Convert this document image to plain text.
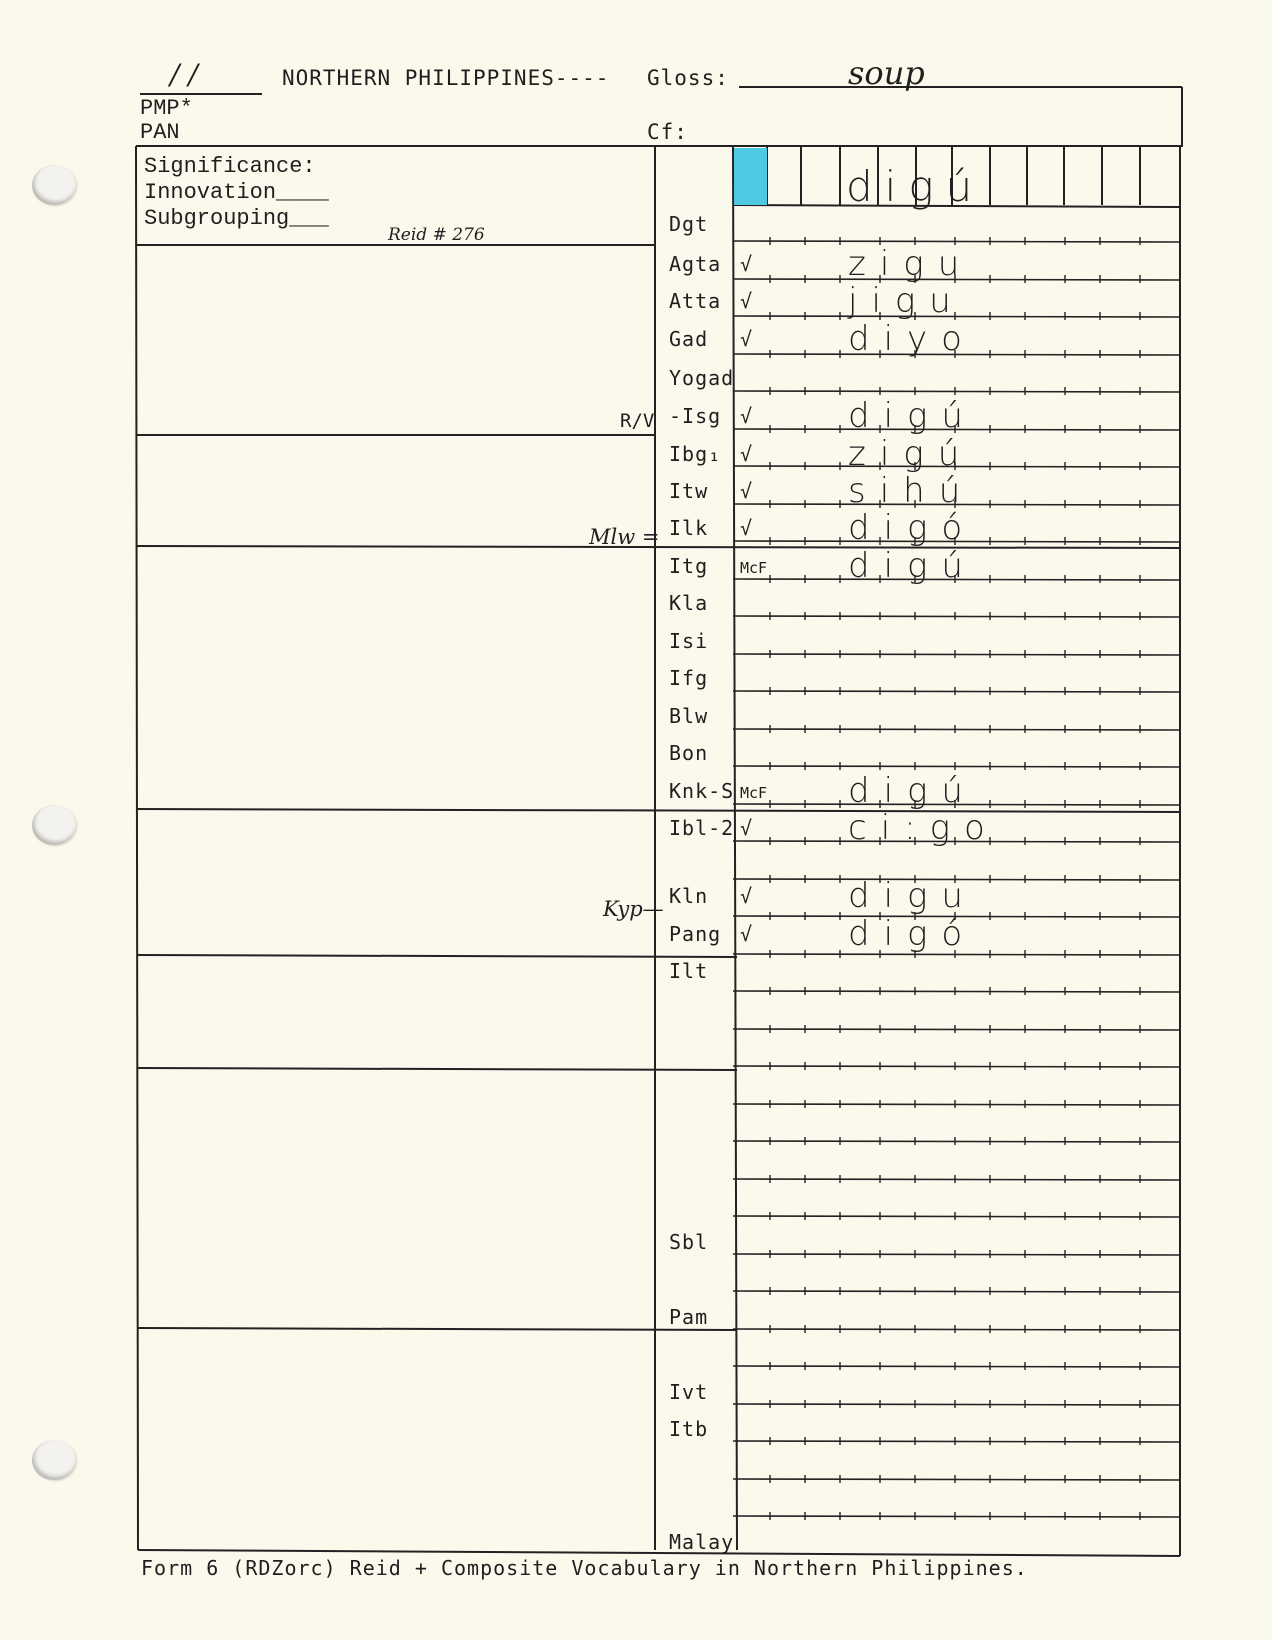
/ /	NORTHERN PHILIPPINES---- Gloss:	soup
PMP*
PAN	Cf:
Significance:
Innovation____
Subgrouping___
Reid # 276
digú
R/V
Mlw =
Kyp—
Dgt
Agta √	zigu
Atta √	jigu
Gad √	diyo
Yogad
-Isg √	digú
Ibg₁ √	zigú
Itw √	sihú
Ilk √	digó
Itg McF digú
Kla
Isi
Ifg
Blw
Bon
Knk-S McF digú
Ibl-2 √	ci:go
Kln √	digu
Pang √	digó
Ilt
Sbl
Pam
Ivt
Itb
Malay
Form 6 (RDZorc) Reid + Composite Vocabulary in Northern Philippines.
